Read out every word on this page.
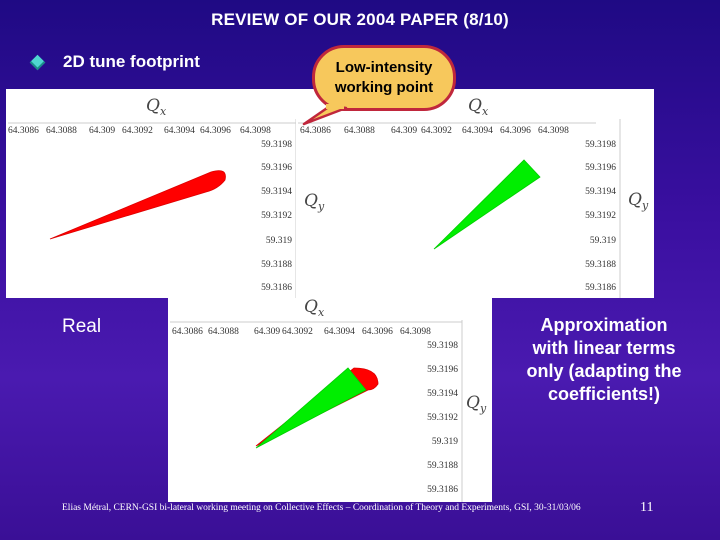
REVIEW OF OUR 2004 PAPER (8/10)
2D tune footprint
$Q_x$
64.3086 64.3088 64.309 64.3092 64.3094 64.3096 64.3098
59.3198
59.3196
59.3194
59.3192
59.319
59.3188
59.3186
$Q_x$
64.3086 64.3088 64.309 64.3092 64.3094 64.3096 64.3098
59.3198
59.3196
59.3194
59.3192
59.319
59.3188
59.3186
$Q_y$
$Q_y$
$Q_x$
64.3086 64.3088 64.309 64.3092 64.3094 64.3096 64.3098
59.3198
59.3196
59.3194
59.3192
59.319
59.3188
59.3186
$Q_y$
Low-intensity
working point
Real	Approximation
with linear terms
only (adapting the
coefficients!)
Elias Métral, CERN-GSI bi-lateral working meeting on Collective Effects – Coordination of Theory and Experiments, GSI, 30-31/03/06	11
